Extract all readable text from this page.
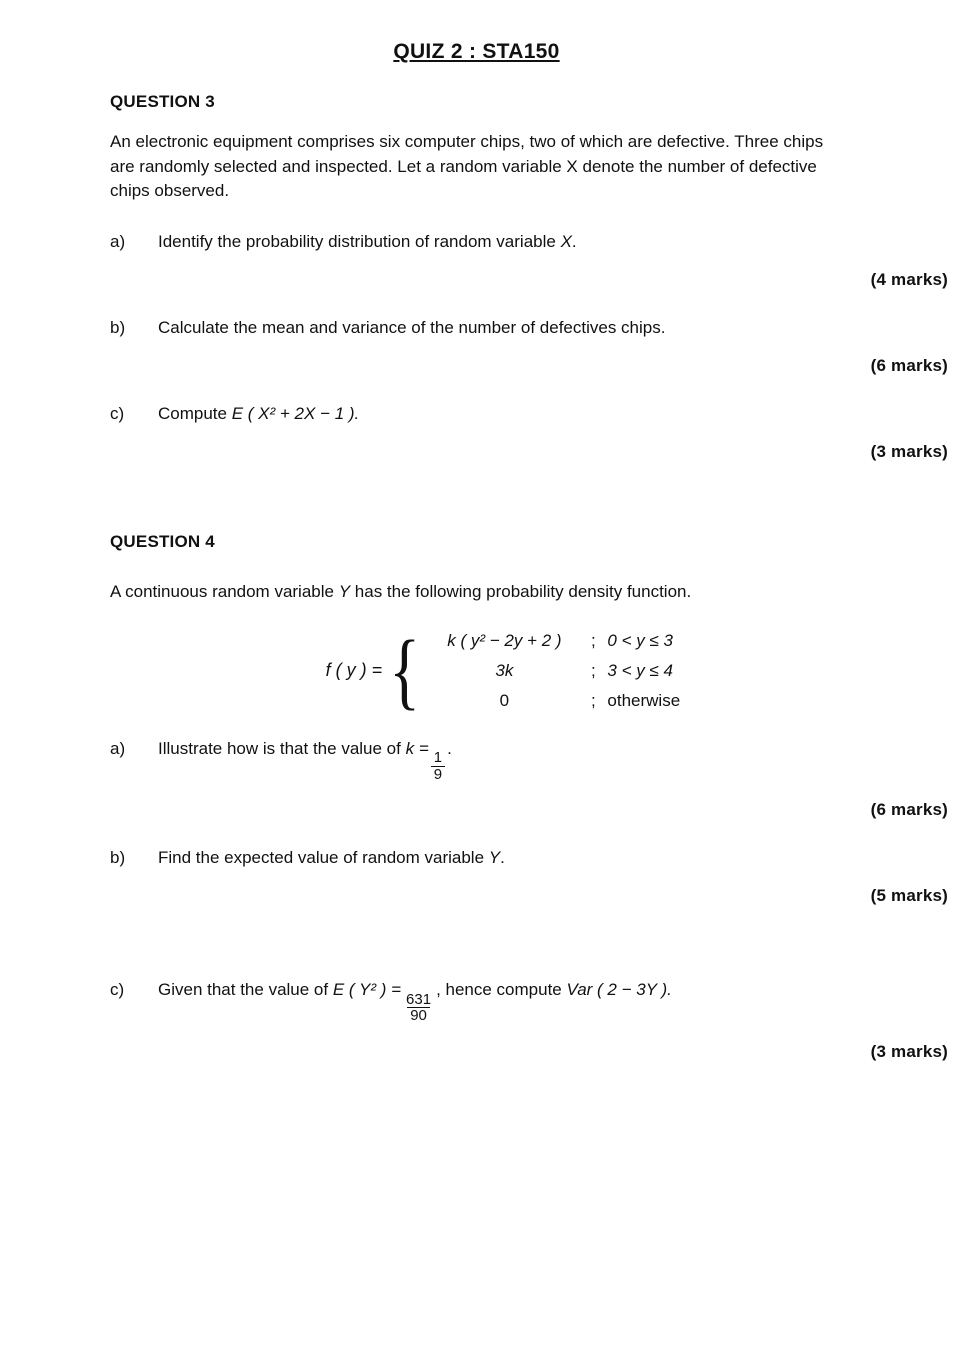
QUIZ 2 : STA150
QUESTION 3
An electronic equipment comprises six computer chips, two of which are defective. Three chips are randomly selected and inspected. Let a random variable X denote the number of defective chips observed.
a)	Identify the probability distribution of random variable X.
(4 marks)
b)	Calculate the mean and variance of the number of defectives chips.
(6 marks)
c)	Compute E ( X² + 2X − 1 ).
(3 marks)
QUESTION 4
A continuous random variable Y has the following probability density function.
f ( y ) = {	k ( y² − 2y + 2 )	; 0 < y ≤ 3
3k	; 3 < y ≤ 4
0	; otherwise
a)	Illustrate how is that the value of k =
$\frac{1}{9}$
.
(6 marks)
b)	Find the expected value of random variable Y.
(5 marks)
c)	Given that the value of E ( Y² ) =
$\frac{631}{90}$
, hence compute Var ( 2 − 3Y ).
(3 marks)
